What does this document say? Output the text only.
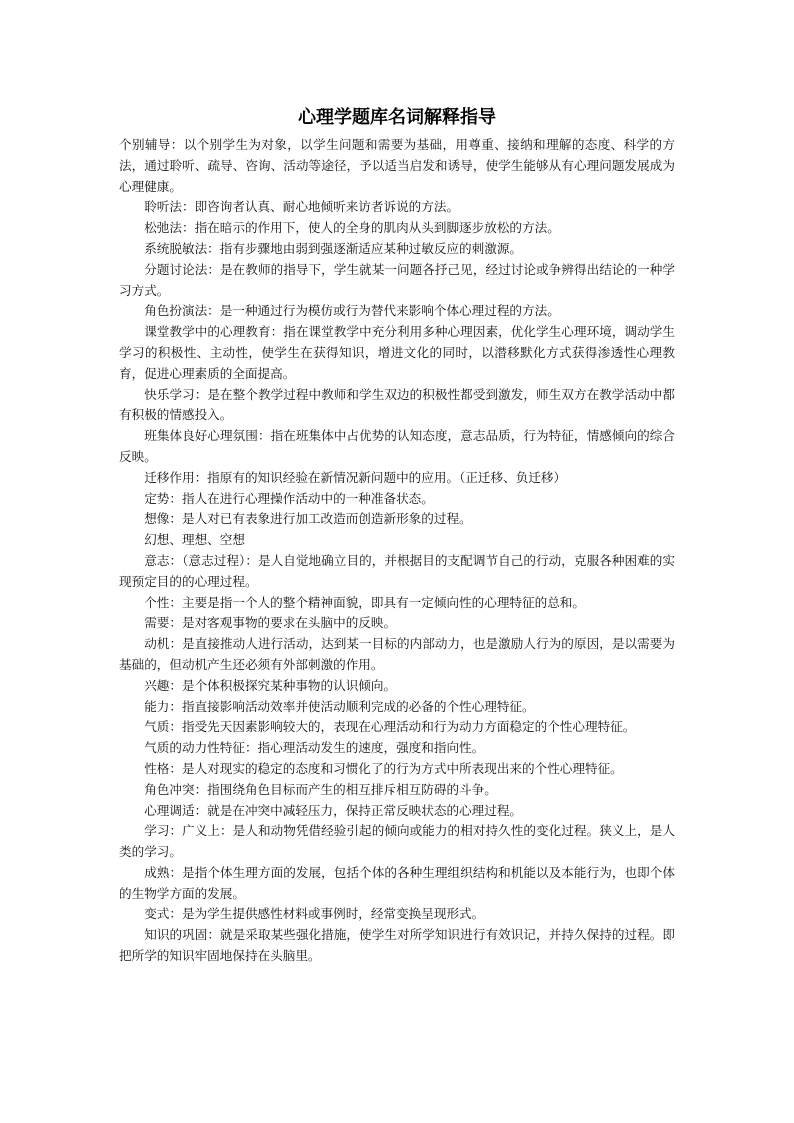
心理学题库名词解释指导

个别辅导：以个别学生为对象，以学生问题和需要为基础，用尊重、接纳和理解的态度、科学的方法，通过聆听、疏导、咨询、活动等途径，予以适当启发和诱导，使学生能够从有心理问题发展成为心理健康。

聆听法：即咨询者认真、耐心地倾听来访者诉说的方法。

松弛法：指在暗示的作用下，使人的全身的肌肉从头到脚逐步放松的方法。

系统脱敏法：指有步骤地由弱到强逐渐适应某种过敏反应的刺激源。

分题讨论法：是在教师的指导下，学生就某一问题各抒己见，经过讨论或争辨得出结论的一种学习方式。

角色扮演法：是一种通过行为模仿或行为替代来影响个体心理过程的方法。

课堂教学中的心理教育：指在课堂教学中充分利用多种心理因素，优化学生心理环境，调动学生学习的积极性、主动性，使学生在获得知识，增进文化的同时，以潜移默化方式获得渗透性心理教育，促进心理素质的全面提高。

快乐学习：是在整个教学过程中教师和学生双边的积极性都受到激发，师生双方在教学活动中都有积极的情感投入。

班集体良好心理氛围：指在班集体中占优势的认知态度，意志品质，行为特征，情感倾向的综合反映。

迁移作用：指原有的知识经验在新情况新问题中的应用。（正迁移、负迁移）

定势：指人在进行心理操作活动中的一种准备状态。

想像：是人对已有表象进行加工改造而创造新形象的过程。

幻想、理想、空想

意志：（意志过程）：是人自觉地确立目的，并根据目的支配调节自己的行动，克服各种困难的实现预定目的的心理过程。

个性：主要是指一个人的整个精神面貌，即具有一定倾向性的心理特征的总和。

需要：是对客观事物的要求在头脑中的反映。

动机：是直接推动人进行活动，达到某一目标的内部动力，也是激励人行为的原因，是以需要为基础的，但动机产生还必须有外部刺激的作用。

兴趣：是个体积极探究某种事物的认识倾向。

能力：指直接影响活动效率并使活动顺利完成的必备的个性心理特征。

气质：指受先天因素影响较大的，表现在心理活动和行为动力方面稳定的个性心理特征。

气质的动力性特征：指心理活动发生的速度，强度和指向性。

性格：是人对现实的稳定的态度和习惯化了的行为方式中所表现出来的个性心理特征。

角色冲突：指围绕角色目标而产生的相互排斥相互防碍的斗争。

心理调适：就是在冲突中减轻压力，保持正常反映状态的心理过程。

学习：广义上：是人和动物凭借经验引起的倾向或能力的相对持久性的变化过程。狭义上，是人类的学习。

成熟：是指个体生理方面的发展，包括个体的各种生理组织结构和机能以及本能行为，也即个体的生物学方面的发展。

变式：是为学生提供感性材料或事例时，经常变换呈现形式。

知识的巩固：就是采取某些强化措施，使学生对所学知识进行有效识记，并持久保持的过程。即把所学的知识牢固地保持在头脑里。
